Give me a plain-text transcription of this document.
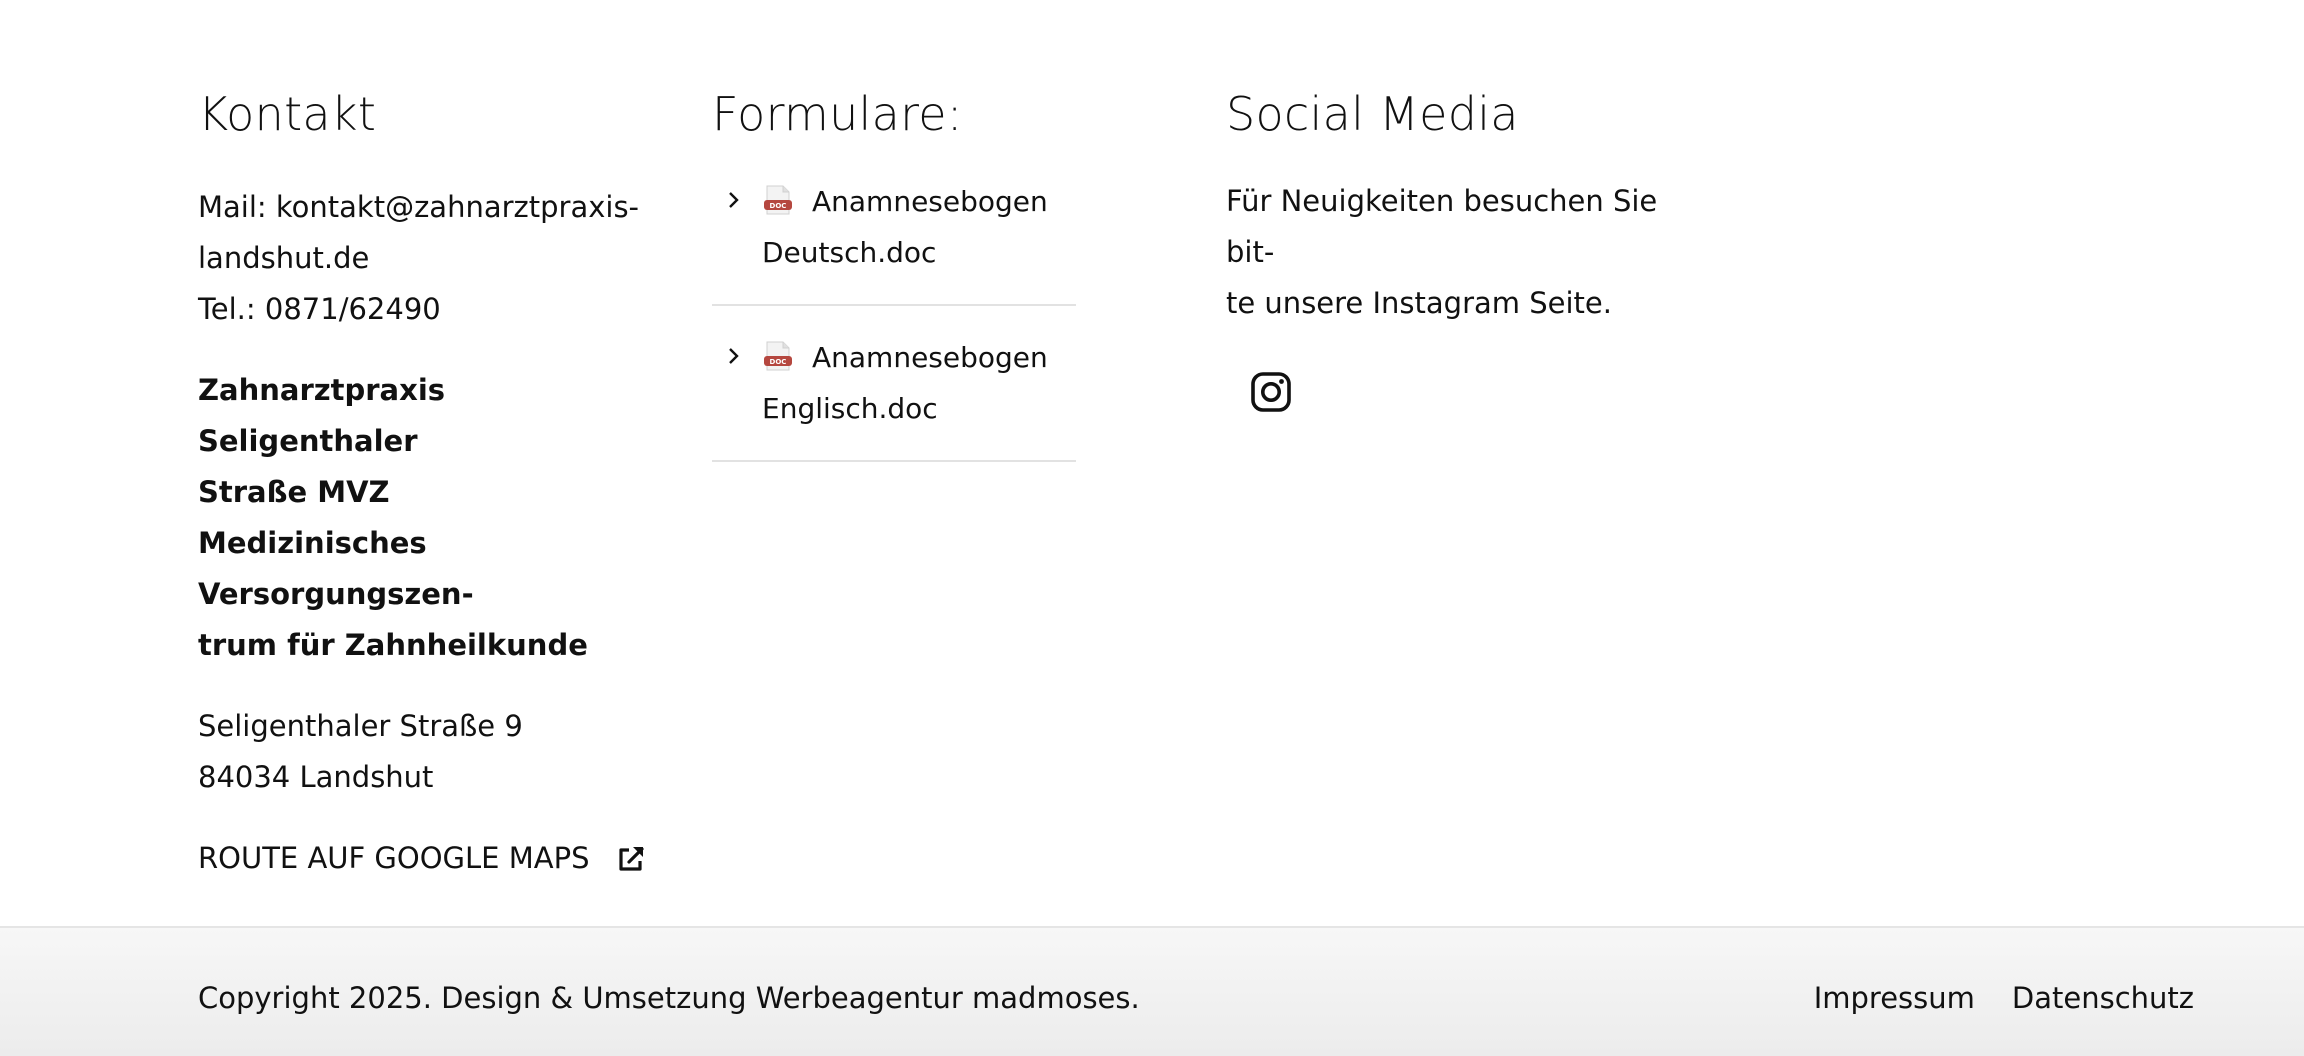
Kontakt
Mail: kontakt@zahnarztpraxis-
landshut.de
Tel.: 0871/62490
Zahnarztpraxis Seligenthaler
Straße MVZ
Medizinisches Versorgungszen-
trum für Zahnheilkunde
Seligenthaler Straße 9
84034 Landshut
ROUTE AUF GOOGLE MAPS
Formulare:
DOC Anamnesebogen
Deutsch.doc
DOC Anamnesebogen
Englisch.doc
Social Media
Für Neuigkeiten besuchen Sie bit-
te unsere Instagram Seite.
Copyright 2025. Design & Umsetzung Werbeagentur madmoses.	Impressum Datenschutz
